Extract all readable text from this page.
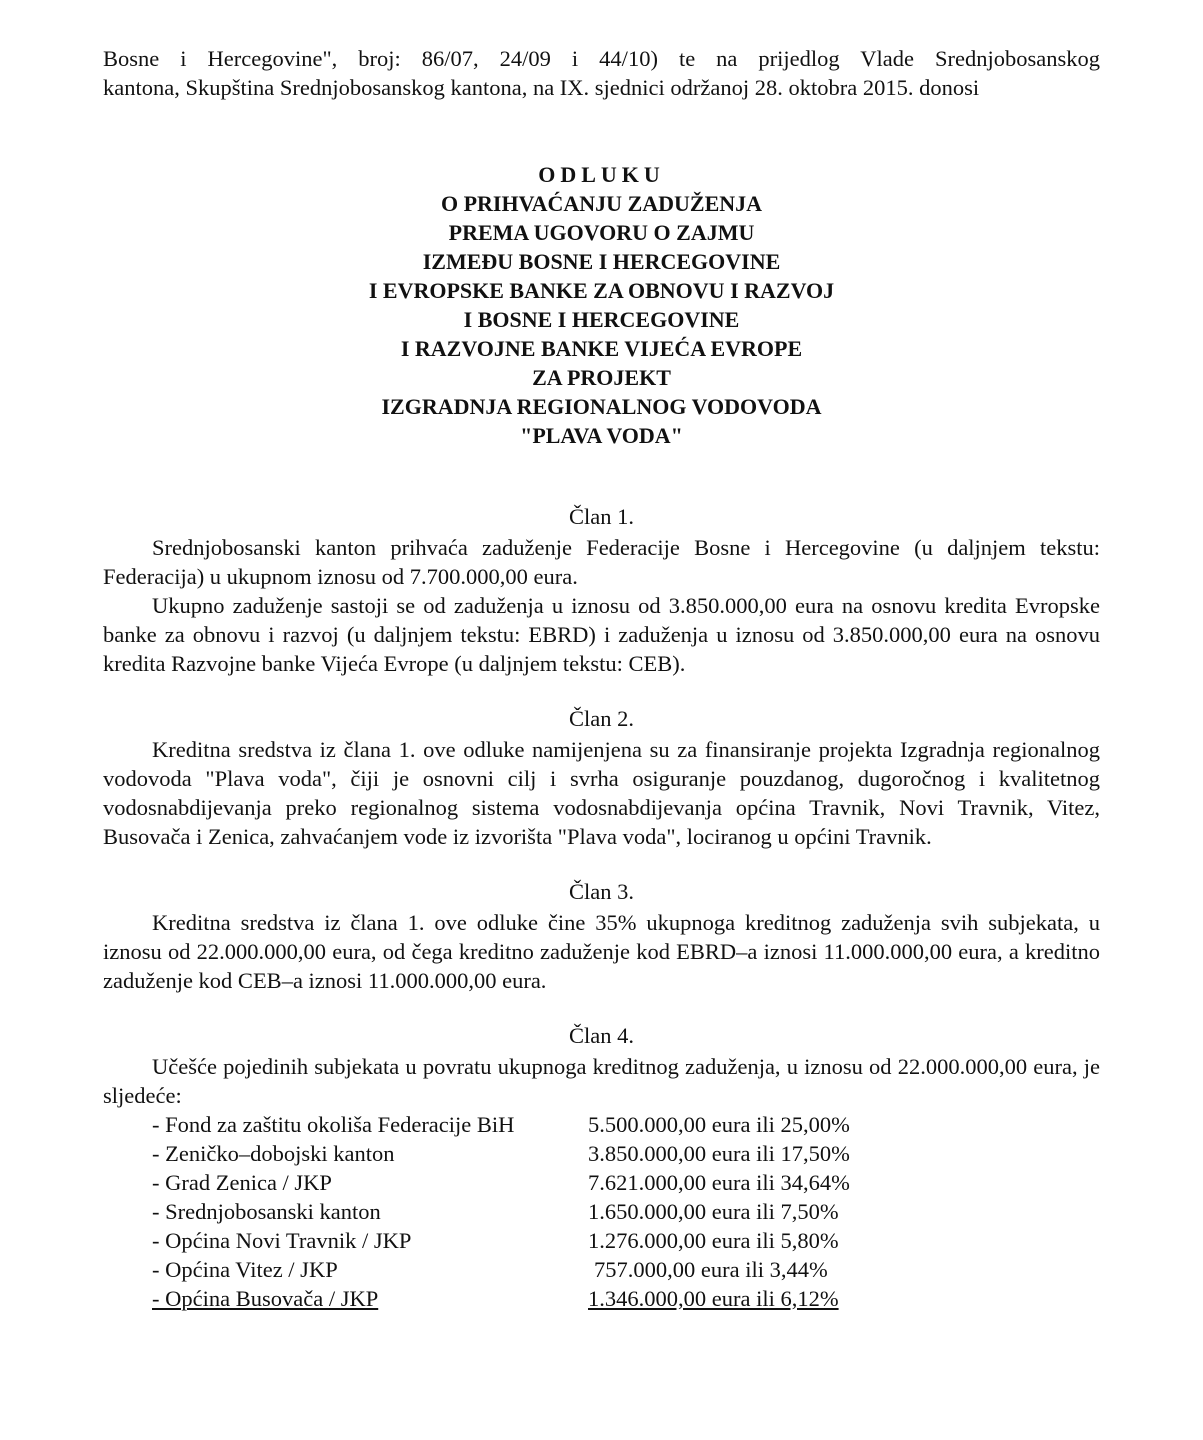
Bosne i Hercegovine", broj: 86/07, 24/09 i 44/10) te na prijedlog Vlade Srednjobosanskog
kantona, Skupština Srednjobosanskog kantona, na IX. sjednici održanoj 28. oktobra 2015. donosi
ODLUKU
O PRIHVAĆANJU ZADUŽENJA
PREMA UGOVORU O ZAJMU
IZMEĐU BOSNE I HERCEGOVINE
I EVROPSKE BANKE ZA OBNOVU I RAZVOJ
I BOSNE I HERCEGOVINE
I RAZVOJNE BANKE VIJEĆA EVROPE
ZA PROJEKT
IZGRADNJA REGIONALNOG VODOVODA
"PLAVA VODA"
Član 1.

Srednjobosanski kanton prihvaća zaduženje Federacije Bosne i Hercegovine (u daljnjem tekstu: Federacija) u ukupnom iznosu od 7.700.000,00 eura.

Ukupno zaduženje sastoji se od zaduženja u iznosu od 3.850.000,00 eura na osnovu kredita Evropske banke za obnovu i razvoj (u daljnjem tekstu: EBRD) i zaduženja u iznosu od 3.850.000,00 eura na osnovu kredita Razvojne banke Vijeća Evrope (u daljnjem tekstu: CEB).

Član 2.

Kreditna sredstva iz člana 1. ove odluke namijenjena su za finansiranje projekta Izgradnja regionalnog vodovoda "Plava voda", čiji je osnovni cilj i svrha osiguranje pouzdanog, dugoročnog i kvalitetnog vodosnabdijevanja preko regionalnog sistema vodosnabdijevanja općina Travnik, Novi Travnik, Vitez, Busovača i Zenica, zahvaćanjem vode iz izvorišta "Plava voda", lociranog u općini Travnik.

Član 3.

Kreditna sredstva iz člana 1. ove odluke čine 35% ukupnoga kreditnog zaduženja svih subjekata, u iznosu od 22.000.000,00 eura, od čega kreditno zaduženje kod EBRD–a iznosi 11.000.000,00 eura, a kreditno zaduženje kod CEB–a iznosi 11.000.000,00 eura.

Član 4.

Učešće pojedinih subjekata u povratu ukupnoga kreditnog zaduženja, u iznosu od 22.000.000,00 eura, je sljedeće:

- Fond za zaštitu okoliša Federacije BiH	5.500.000,00 eura ili 25,00%
- Zeničko–dobojski kanton	3.850.000,00 eura ili 17,50%
- Grad Zenica / JKP	7.621.000,00 eura ili 34,64%
- Srednjobosanski kanton	1.650.000,00 eura ili 7,50%
- Općina Novi Travnik / JKP	1.276.000,00 eura ili 5,80%
- Općina Vitez / JKP	757.000,00 eura ili 3,44%
- Općina Busovača / JKP	1.346.000,00 eura ili 6,12%
